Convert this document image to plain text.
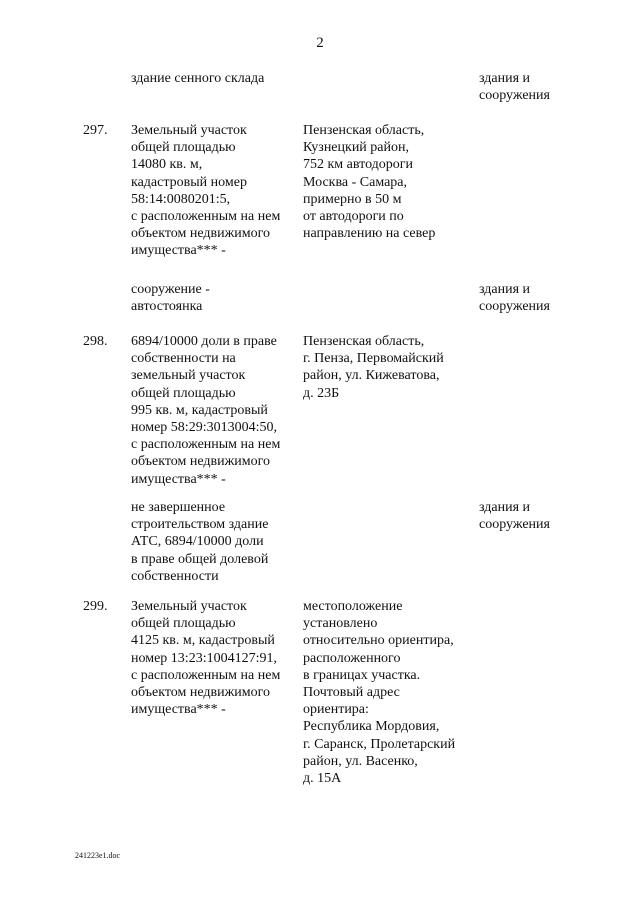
2
здание сенного склада	здания и
сооружения
297. Земельный участок
общей площадью
14080 кв. м,
кадастровый номер
58:14:0080201:5,
с расположенным на нем
объектом недвижимого
имущества*** -
Пензенская область,
Кузнецкий район,
752 км автодороги
Москва - Самара,
примерно в 50 м
от автодороги по
направлению на север
сооружение -
автостоянка
здания и
сооружения
298. 6894/10000 доли в праве
собственности на
земельный участок
общей площадью
995 кв. м, кадастровый
номер 58:29:3013004:50,
с расположенным на нем
объектом недвижимого
имущества*** -
Пензенская область,
г. Пенза, Первомайский
район, ул. Кижеватова,
д. 23Б
не завершенное
строительством здание
АТС, 6894/10000 доли
в праве общей долевой
собственности
здания и
сооружения
299. Земельный участок
общей площадью
4125 кв. м, кадастровый
номер 13:23:1004127:91,
с расположенным на нем
объектом недвижимого
имущества*** -
местоположение
установлено
относительно ориентира,
расположенного
в границах участка.
Почтовый адрес
ориентира:
Республика Мордовия,
г. Саранск, Пролетарский
район, ул. Васенко,
д. 15А
241223e1.doc
